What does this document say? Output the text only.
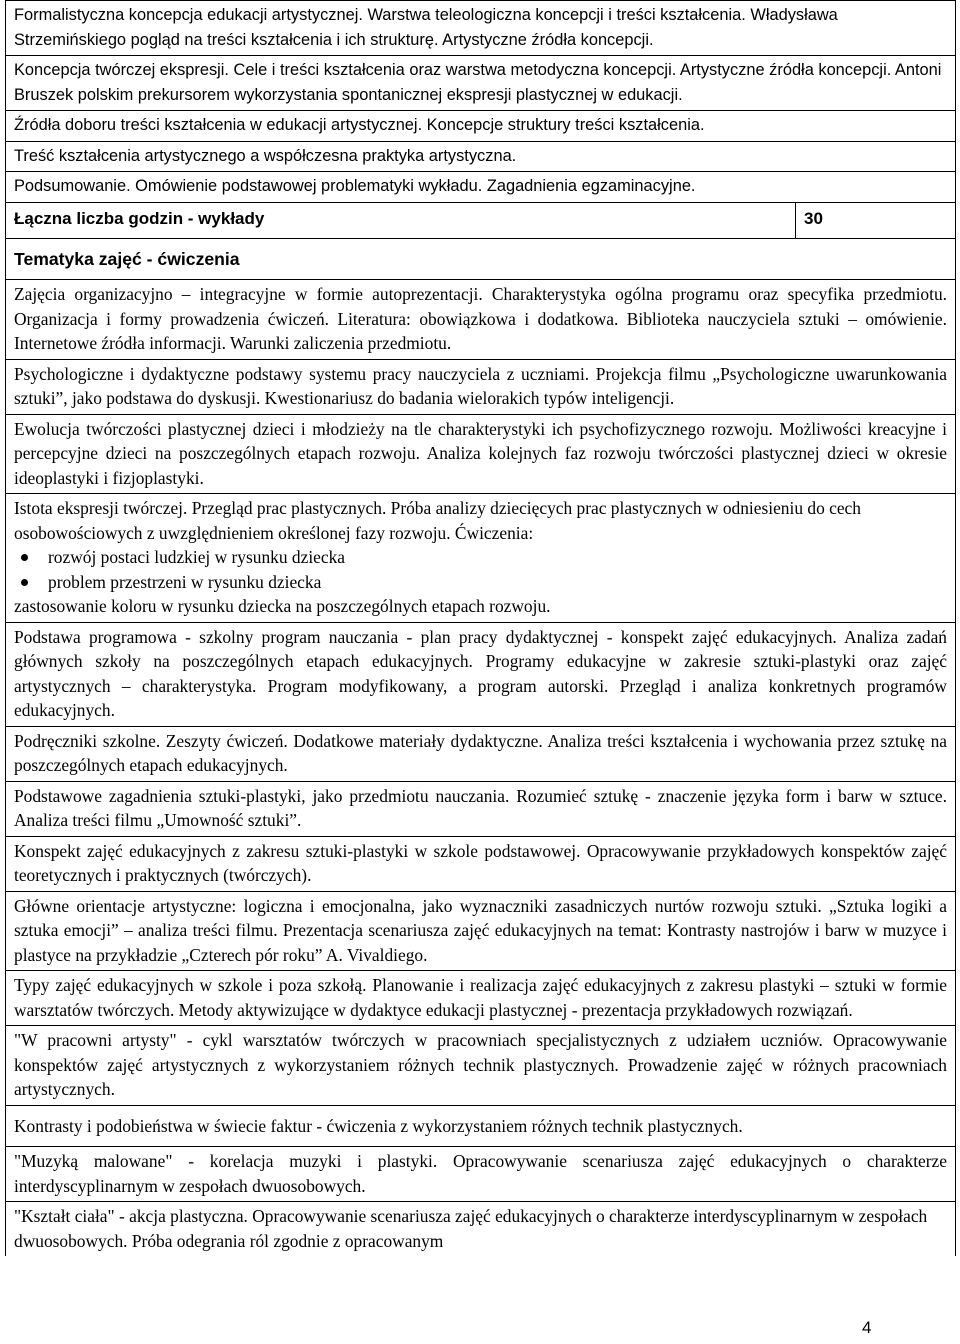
Formalistyczna koncepcja edukacji artystycznej. Warstwa teleologiczna koncepcji i treści kształcenia. Władysława Strzemińskiego pogląd na treści kształcenia i ich strukturę. Artystyczne źródła koncepcji.
Koncepcja twórczej ekspresji. Cele i treści kształcenia oraz warstwa metodyczna koncepcji. Artystyczne źródła koncepcji. Antoni Bruszek polskim prekursorem wykorzystania spontanicznej ekspresji plastycznej w edukacji.
Źródła doboru treści kształcenia w edukacji artystycznej. Koncepcje struktury treści kształcenia.
Treść kształcenia artystycznego a współczesna praktyka artystyczna.
Podsumowanie. Omówienie podstawowej problematyki wykładu. Zagadnienia egzaminacyjne.
Łączna liczba godzin - wykłady	30
Tematyka zajęć - ćwiczenia
Zajęcia organizacyjno – integracyjne w formie autoprezentacji. Charakterystyka ogólna programu oraz specyfika przedmiotu. Organizacja i formy prowadzenia ćwiczeń. Literatura: obowiązkowa i dodatkowa. Biblioteka nauczyciela sztuki – omówienie. Internetowe źródła informacji. Warunki zaliczenia przedmiotu.
Psychologiczne i dydaktyczne podstawy systemu pracy nauczyciela z uczniami. Projekcja filmu „Psychologiczne uwarunkowania sztuki”, jako podstawa do dyskusji. Kwestionariusz do badania wielorakich typów inteligencji.
Ewolucja twórczości plastycznej dzieci i młodzieży na tle charakterystyki ich psychofizycznego rozwoju. Możliwości kreacyjne i percepcyjne dzieci na poszczególnych etapach rozwoju. Analiza kolejnych faz rozwoju twórczości plastycznej dzieci w okresie ideoplastyki i fizjoplastyki.

Istota ekspresji twórczej. Przegląd prac plastycznych. Próba analizy dziecięcych prac plastycznych w odniesieniu do cech osobowościowych z uwzględnieniem określonej fazy rozwoju. Ćwiczenia:
rozwój postaci ludzkiej w rysunku dziecka
problem przestrzeni w rysunku dziecka
zastosowanie koloru w rysunku dziecka na poszczególnych etapach rozwoju.

Podstawa programowa - szkolny program nauczania - plan pracy dydaktycznej - konspekt zajęć edukacyjnych. Analiza zadań głównych szkoły na poszczególnych etapach edukacyjnych. Programy edukacyjne w zakresie sztuki-plastyki oraz zajęć artystycznych – charakterystyka. Program modyfikowany, a program autorski. Przegląd i analiza konkretnych programów edukacyjnych.
Podręczniki szkolne. Zeszyty ćwiczeń. Dodatkowe materiały dydaktyczne. Analiza treści kształcenia i wychowania przez sztukę na poszczególnych etapach edukacyjnych.
Podstawowe zagadnienia sztuki-plastyki, jako przedmiotu nauczania. Rozumieć sztukę - znaczenie języka form i barw w sztuce. Analiza treści filmu „Umowność sztuki”.
Konspekt zajęć edukacyjnych z zakresu sztuki-plastyki w szkole podstawowej. Opracowywanie przykładowych konspektów zajęć teoretycznych i praktycznych (twórczych).
Główne orientacje artystyczne: logiczna i emocjonalna, jako wyznaczniki zasadniczych nurtów rozwoju sztuki. „Sztuka logiki a sztuka emocji” – analiza treści filmu. Prezentacja scenariusza zajęć edukacyjnych na temat: Kontrasty nastrojów i barw w muzyce i plastyce na przykładzie „Czterech pór roku” A. Vivaldiego.
Typy zajęć edukacyjnych w szkole i poza szkołą. Planowanie i realizacja zajęć edukacyjnych z zakresu plastyki – sztuki w formie warsztatów twórczych. Metody aktywizujące w dydaktyce edukacji plastycznej - prezentacja przykładowych rozwiązań.
"W pracowni artysty" - cykl warsztatów twórczych w pracowniach specjalistycznych z udziałem uczniów. Opracowywanie konspektów zajęć artystycznych z wykorzystaniem różnych technik plastycznych. Prowadzenie zajęć w różnych pracowniach artystycznych.
Kontrasty i podobieństwa w świecie faktur - ćwiczenia z wykorzystaniem różnych technik plastycznych.
"Muzyką malowane" - korelacja muzyki i plastyki. Opracowywanie scenariusza zajęć edukacyjnych o charakterze interdyscyplinarnym w zespołach dwuosobowych.
"Kształt ciała" - akcja plastyczna. Opracowywanie scenariusza zajęć edukacyjnych o charakterze interdyscyplinarnym w zespołach dwuosobowych. Próba odegrania ról zgodnie z opracowanym
4
